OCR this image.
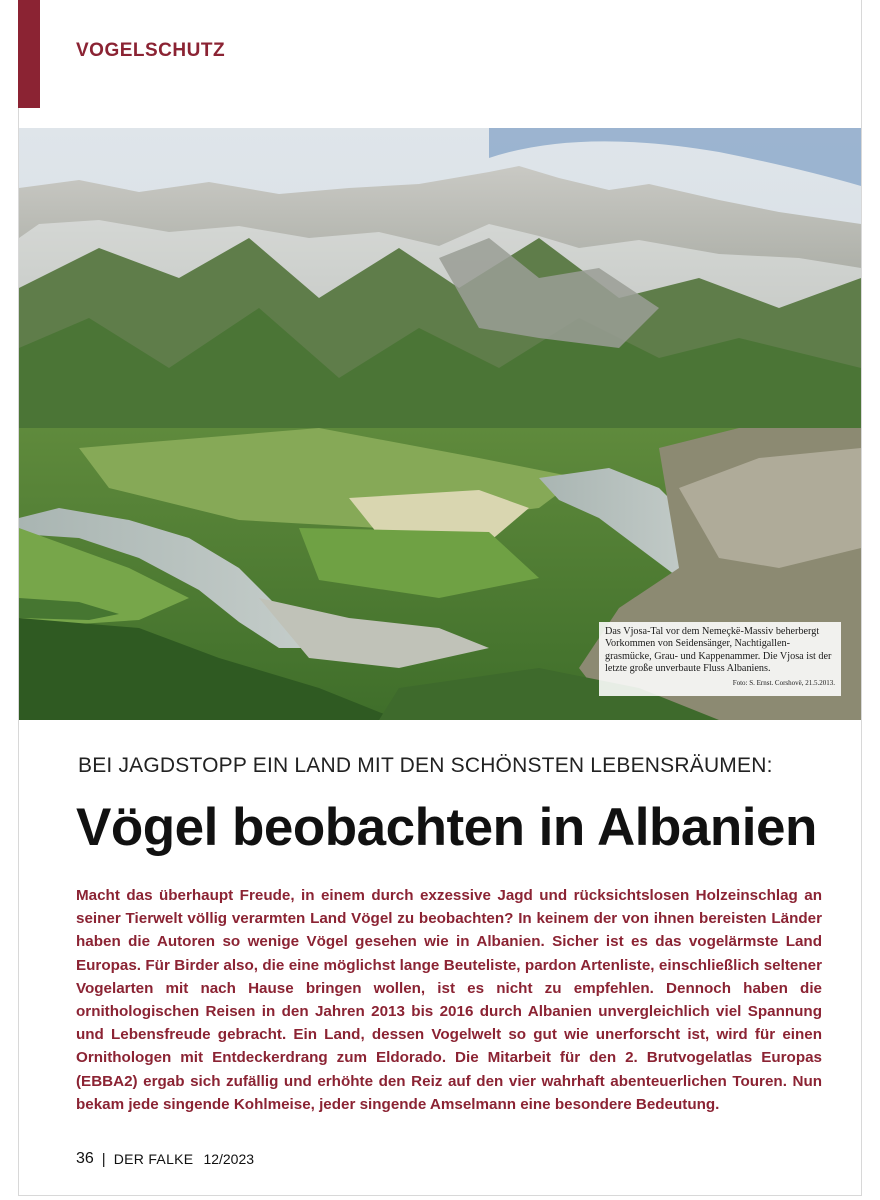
VOGELSCHUTZ
Das Vjosa-Tal vor dem Nemeçkë-Massiv beherbergt Vorkommen von Seidensänger, Nachtigallen-grasmücke, Grau- und Kappenammer. Die Vjosa ist der letzte große unverbaute Fluss Albaniens.
Foto: S. Ernst. Corshovë, 21.5.2013.
BEI JAGDSTOPP EIN LAND MIT DEN SCHÖNSTEN LEBENSRÄUMEN:
Vögel beobachten in Albanien
Macht das überhaupt Freude, in einem durch exzessive Jagd und rücksichtslosen Holzeinschlag an seiner Tierwelt völlig verarmten Land Vögel zu beobachten? In keinem der von ihnen bereisten Länder haben die Autoren so wenige Vögel gesehen wie in Albanien. Sicher ist es das vogelärmste Land Europas. Für Birder also, die eine möglichst lange Beuteliste, pardon Artenliste, einschließlich seltener Vogelarten mit nach Hause bringen wollen, ist es nicht zu empfehlen. Dennoch haben die ornithologischen Reisen in den Jahren 2013 bis 2016 durch Albanien unvergleichlich viel Spannung und Lebensfreude gebracht. Ein Land, dessen Vogelwelt so gut wie unerforscht ist, wird für einen Ornithologen mit Entdeckerdrang zum Eldorado. Die Mitarbeit für den 2. Brutvogelatlas Europas (EBBA2) ergab sich zufällig und erhöhte den Reiz auf den vier wahrhaft abenteuerlichen Touren. Nun bekam jede singende Kohlmeise, jeder singende Amselmann eine besondere Bedeutung.
36 | DER FALKE 12/2023
